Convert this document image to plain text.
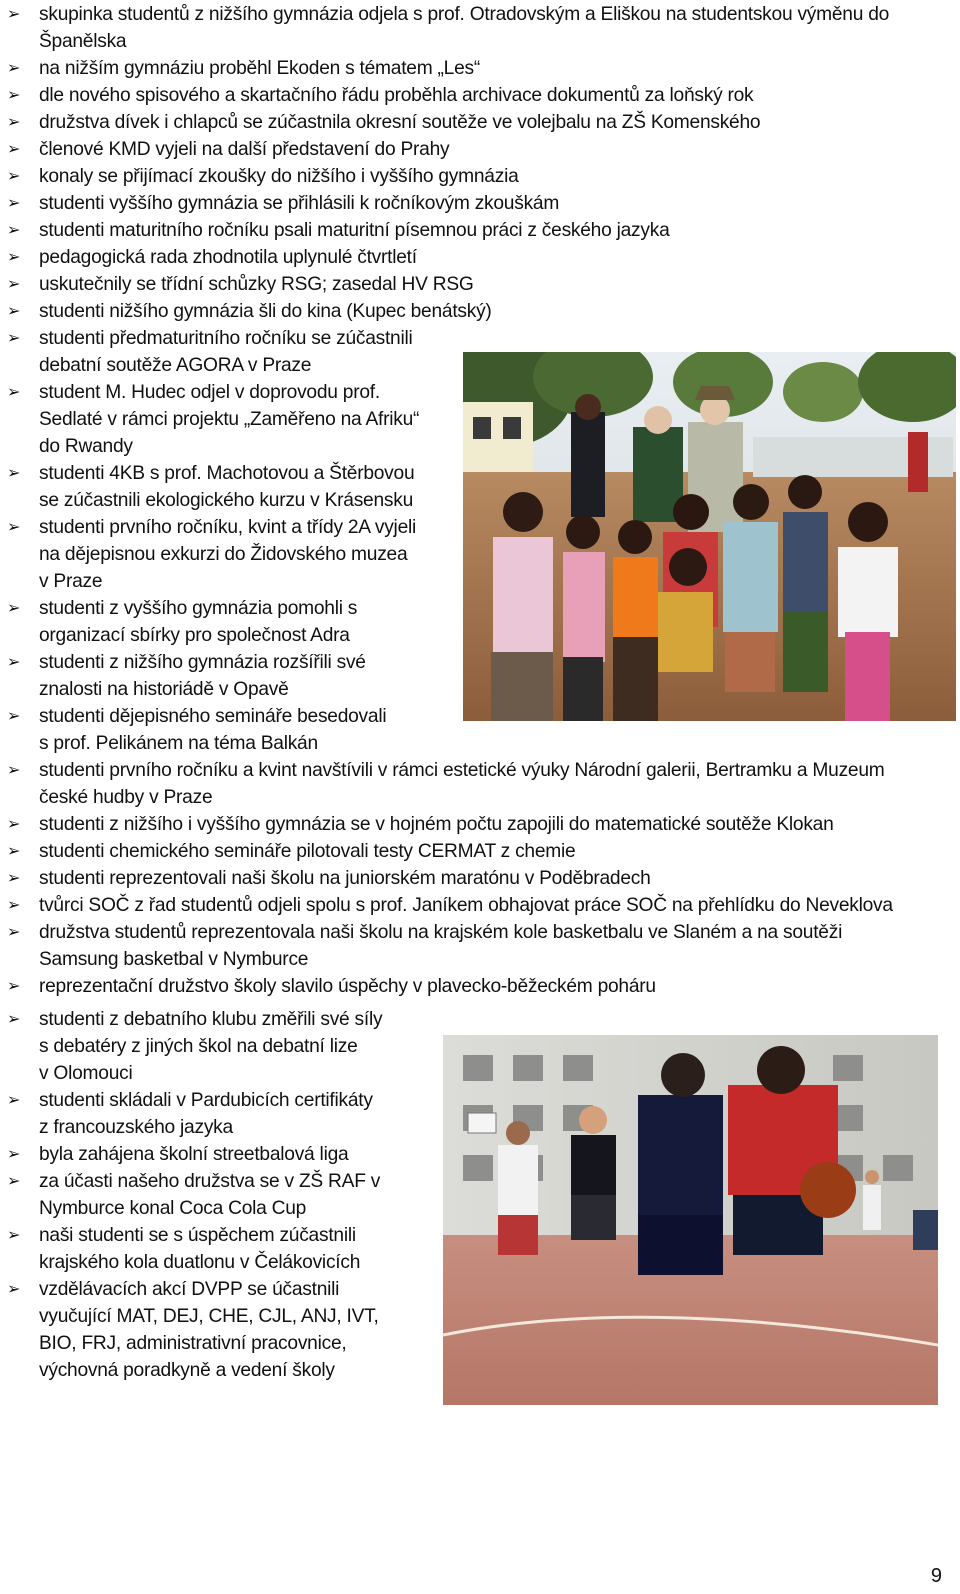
➢ skupinka studentů z nižšího gymnázia odjela s prof. Otradovským a Eliškou na studentskou výměnu do
Španělska
➢ na nižším gymnáziu proběhl Ekoden s tématem „Les“
➢ dle nového spisového a skartačního řádu proběhla archivace dokumentů za loňský rok
➢ družstva dívek i chlapců se zúčastnila okresní soutěže ve volejbalu na ZŠ Komenského
➢ členové KMD vyjeli na další představení do Prahy
➢ konaly se přijímací zkoušky do nižšího i vyššího gymnázia
➢ studenti vyššího gymnázia se přihlásili k ročníkovým zkouškám
➢ studenti maturitního ročníku psali maturitní písemnou práci z českého jazyka
➢ pedagogická rada zhodnotila uplynulé čtvrtletí
➢ uskutečnily se třídní schůzky RSG; zasedal HV RSG
➢ studenti nižšího gymnázia šli do kina (Kupec benátský)
➢ studenti předmaturitního ročníku se zúčastnili
debatní soutěže AGORA v Praze
➢ student M. Hudec odjel v doprovodu prof.
Sedlaté v rámci projektu „Zaměřeno na Afriku“
do Rwandy
➢ studenti 4KB s prof. Machotovou a Štěrbovou
se zúčastnili ekologického kurzu v Krásensku
➢ studenti prvního ročníku, kvint a třídy 2A vyjeli
na dějepisnou exkurzi do Židovského muzea
v Praze
➢ studenti z vyššího gymnázia pomohli s
organizací sbírky pro společnost Adra
➢ studenti z nižšího gymnázia rozšířili své
znalosti na historiádě v Opavě
➢ studenti dějepisného semináře besedovali
s prof. Pelikánem na téma Balkán
➢ studenti prvního ročníku a kvint navštívili v rámci estetické výuky Národní galerii, Bertramku a Muzeum
české hudby v Praze
➢ studenti z nižšího i vyššího gymnázia se v hojném počtu zapojili do matematické soutěže Klokan
➢ studenti chemického semináře pilotovali testy CERMAT z chemie
➢ studenti reprezentovali naši školu na juniorském maratónu v Poděbradech
➢ tvůrci SOČ z řad studentů odjeli spolu s prof. Janíkem obhajovat práce SOČ na přehlídku do Neveklova
➢ družstva studentů reprezentovala naši školu na krajském kole basketbalu ve Slaném a na soutěži
Samsung basketbal v Nymburce
➢ reprezentační družstvo školy slavilo úspěchy v plavecko-běžeckém poháru
➢ studenti z debatního klubu změřili své síly
s debatéry z jiných škol na debatní lize
v Olomouci
➢ studenti skládali v Pardubicích certifikáty
z francouzského jazyka
➢ byla zahájena školní streetbalová liga
➢ za účasti našeho družstva se v ZŠ RAF v
Nymburce konal Coca Cola Cup
➢ naši studenti se s úspěchem zúčastnili
krajského kola duatlonu v Čelákovicích
➢ vzdělávacích akcí DVPP se účastnili
vyučující MAT, DEJ, CHE, CJL, ANJ, IVT,
BIO, FRJ, administrativní pracovnice,
výchovná poradkyně a vedení školy
9
